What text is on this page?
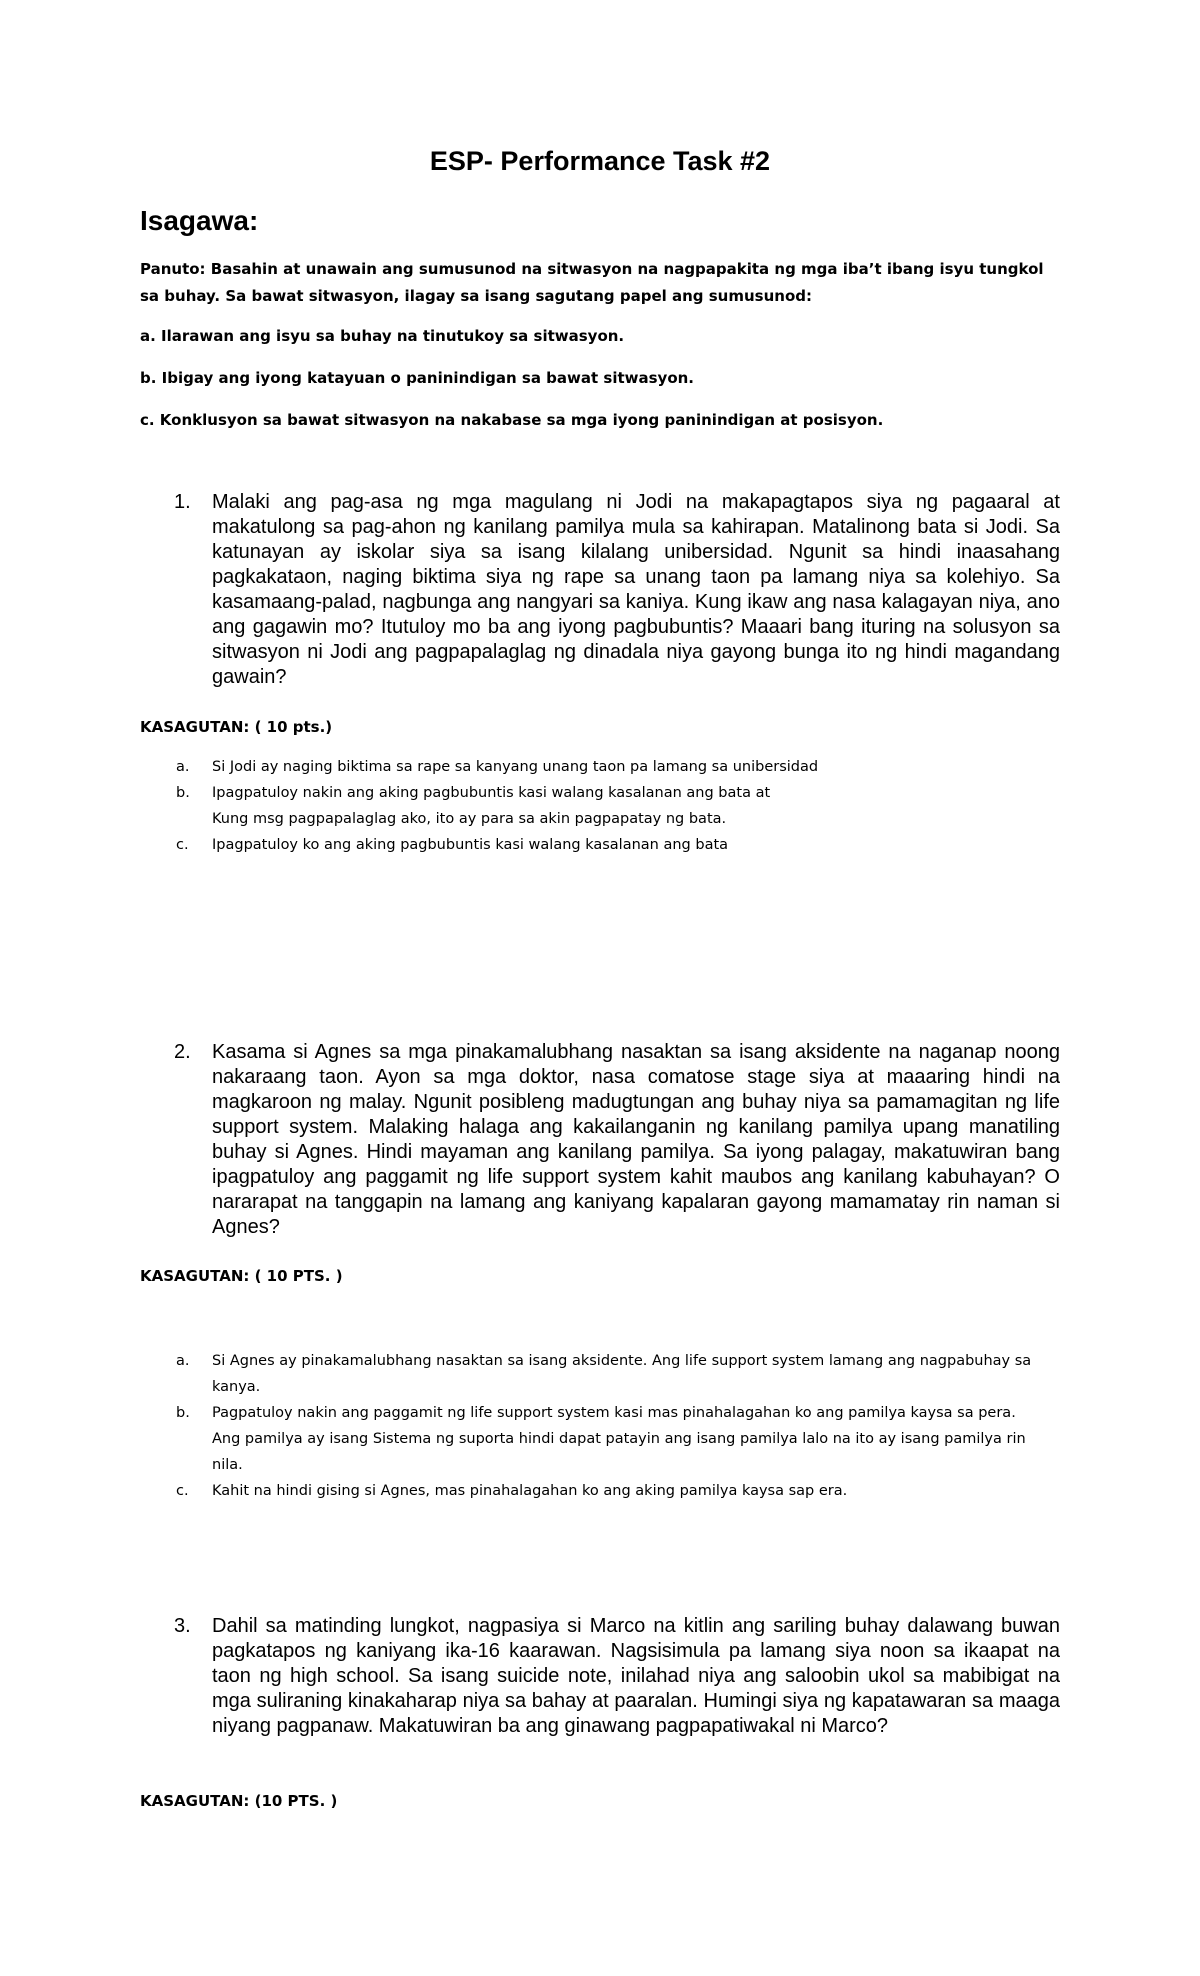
ESP- Performance Task #2
Isagawa:
Panuto: Basahin at unawain ang sumusunod na sitwasyon na nagpapakita ng mga iba’t ibang isyu tungkol sa buhay. Sa bawat sitwasyon, ilagay sa isang sagutang papel ang sumusunod:
a. Ilarawan ang isyu sa buhay na tinutukoy sa sitwasyon.
b. Ibigay ang iyong katayuan o paninindigan sa bawat sitwasyon.
c. Konklusyon sa bawat sitwasyon na nakabase sa mga iyong paninindigan at posisyon.
1. Malaki ang pag-asa ng mga magulang ni Jodi na makapagtapos siya ng pagaaral at makatulong sa pag-ahon ng kanilang pamilya mula sa kahirapan. Matalinong bata si Jodi. Sa katunayan ay iskolar siya sa isang kilalang unibersidad. Ngunit sa hindi inaasahang pagkakataon, naging biktima siya ng rape sa unang taon pa lamang niya sa kolehiyo. Sa kasamaang-palad, nagbunga ang nangyari sa kaniya. Kung ikaw ang nasa kalagayan niya, ano ang gagawin mo? Itutuloy mo ba ang iyong pagbubuntis? Maaari bang ituring na solusyon sa sitwasyon ni Jodi ang pagpapalaglag ng dinadala niya gayong bunga ito ng hindi magandang gawain?
KASAGUTAN: ( 10 pts.)
a.	Si Jodi ay naging biktima sa rape sa kanyang unang taon pa lamang sa unibersidad
b.	Ipagpatuloy nakin ang aking pagbubuntis kasi walang kasalanan ang bata at
Kung msg pagpapalaglag ako, ito ay para sa akin pagpapatay ng bata.
c.	Ipagpatuloy ko ang aking pagbubuntis kasi walang kasalanan ang bata
2. Kasama si Agnes sa mga pinakamalubhang nasaktan sa isang aksidente na naganap noong nakaraang taon. Ayon sa mga doktor, nasa comatose stage siya at maaaring hindi na magkaroon ng malay. Ngunit posibleng madugtungan ang buhay niya sa pamamagitan ng life support system. Malaking halaga ang kakailanganin ng kanilang pamilya upang manatiling buhay si Agnes. Hindi mayaman ang kanilang pamilya. Sa iyong palagay, makatuwiran bang ipagpatuloy ang paggamit ng life support system kahit maubos ang kanilang kabuhayan? O nararapat na tanggapin na lamang ang kaniyang kapalaran gayong mamamatay rin naman si Agnes?
KASAGUTAN: ( 10 PTS. )
a.	Si Agnes ay pinakamalubhang nasaktan sa isang aksidente. Ang life support system lamang ang nagpabuhay sa kanya.
b.	Pagpatuloy nakin ang paggamit ng life support system kasi mas pinahalagahan ko ang pamilya kaysa sa pera. Ang pamilya ay isang Sistema ng suporta hindi dapat patayin ang isang pamilya lalo na ito ay isang pamilya rin nila.
c.	Kahit na hindi gising si Agnes, mas pinahalagahan ko ang aking pamilya kaysa sap era.
3. Dahil sa matinding lungkot, nagpasiya si Marco na kitlin ang sariling buhay dalawang buwan pagkatapos ng kaniyang ika-16 kaarawan. Nagsisimula pa lamang siya noon sa ikaapat na taon ng high school. Sa isang suicide note, inilahad niya ang saloobin ukol sa mabibigat na mga suliraning kinakaharap niya sa bahay at paaralan. Humingi siya ng kapatawaran sa maaga niyang pagpanaw. Makatuwiran ba ang ginawang pagpapatiwakal ni Marco?
KASAGUTAN: (10 PTS. )
